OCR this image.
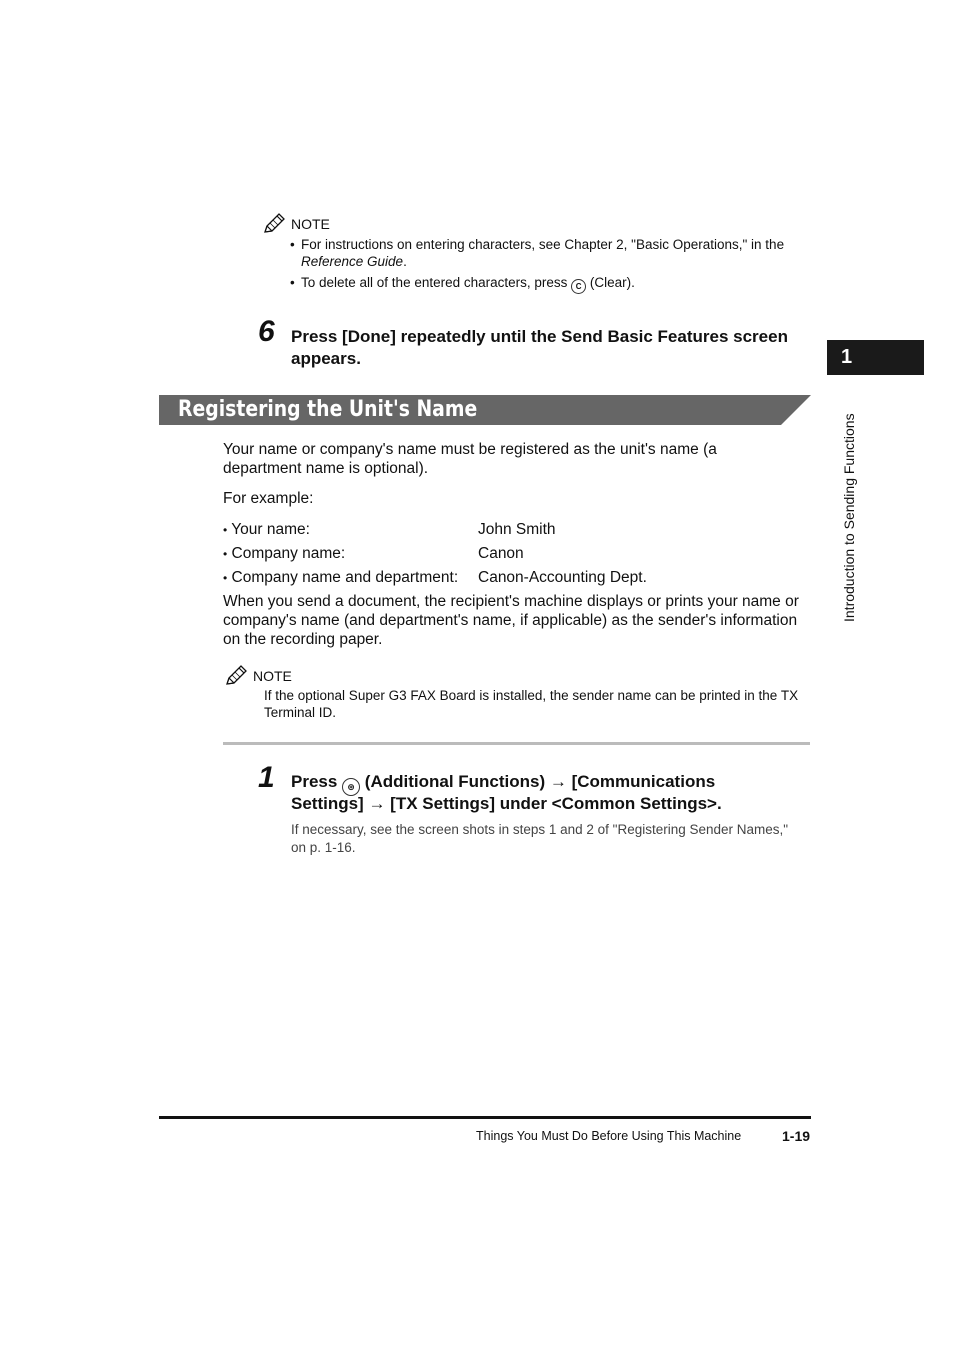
NOTE
• For instructions on entering characters, see Chapter 2, "Basic Operations," in the Reference Guide.
• To delete all of the entered characters, press C (Clear).
6 Press [Done] repeatedly until the Send Basic Features screen appears.
Registering the Unit's Name
Your name or company's name must be registered as the unit's name (a department name is optional).
For example:
• Your name:	John Smith
• Company name:	Canon
• Company name and department: Canon-Accounting Dept.
When you send a document, the recipient's machine displays or prints your name or company's name (and department's name, if applicable) as the sender's information on the recording paper.
NOTE
If the optional Super G3 FAX Board is installed, the sender name can be printed in the TX Terminal ID.
1 Press ⊛ (Additional Functions) → [Communications
Settings] → [TX Settings] under <Common Settings>.
If necessary, see the screen shots in steps 1 and 2 of "Registering Sender Names," on p. 1-16.
1
Introduction to Sending Functions
Things You Must Do Before Using This Machine	1-19
